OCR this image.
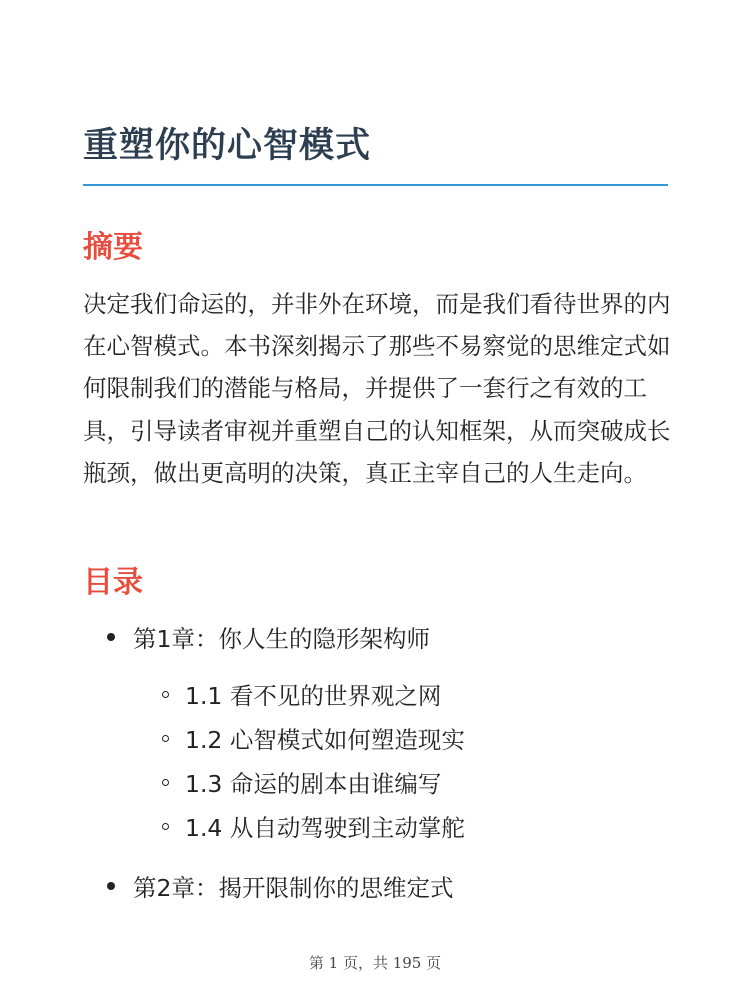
重塑你的心智模式
摘要

决定我们命运的，并非外在环境，而是我们看待世界的内在心智模式。本书深刻揭示了那些不易察觉的思维定式如何限制我们的潜能与格局，并提供了一套行之有效的工具，引导读者审视并重塑自己的认知框架，从而突破成长瓶颈，做出更高明的决策，真正主宰自己的人生走向。

目录
第1章：你人生的隐形架构师
1.1 看不见的世界观之网
1.2 心智模式如何塑造现实
1.3 命运的剧本由谁编写
1.4 从自动驾驶到主动掌舵
第2章：揭开限制你的思维定式
第 1 页，共 195 页
